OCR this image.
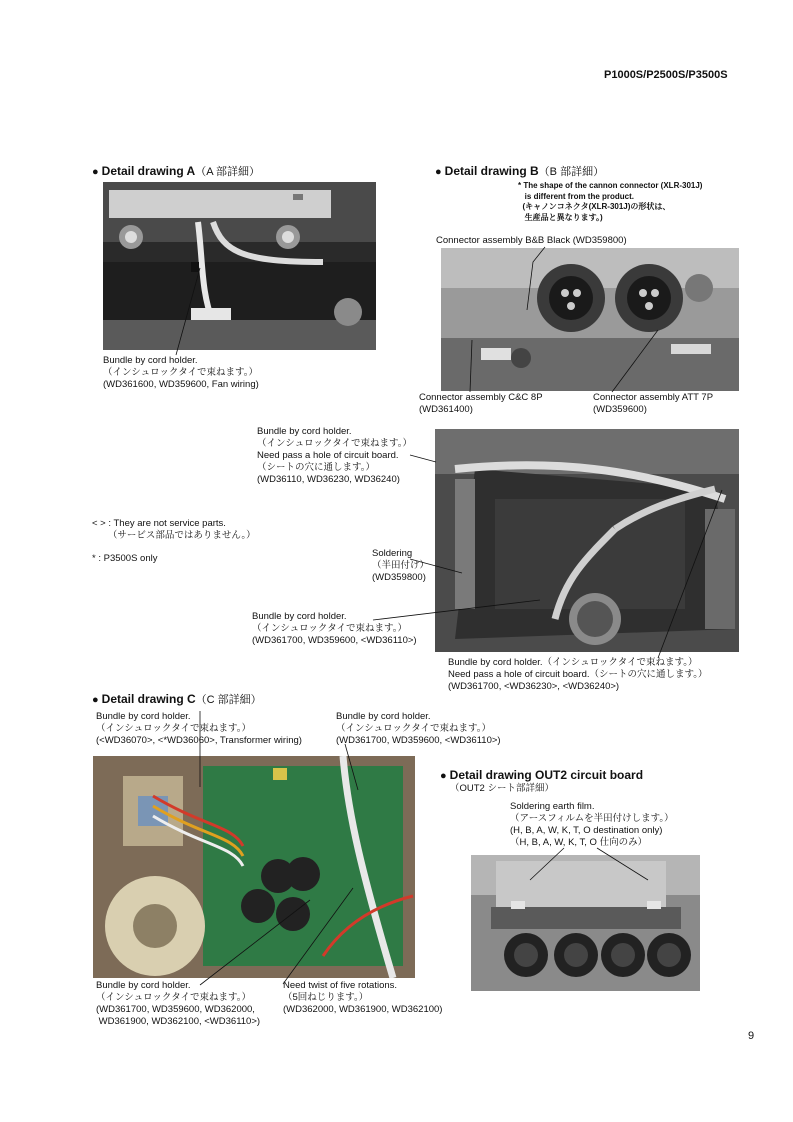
P1000S/P2500S/P3500S
● Detail drawing A（A 部詳細）
Bundle by cord holder.
（インシュロックタイで束ねます。）
(WD361600, WD359600, Fan wiring)
● Detail drawing B（B 部詳細）
* The shape of the cannon connector (XLR-301J)
is different from the product.
(キャノンコネクタ(XLR-301J)の形状は、
生産品と異なります。)
Connector assembly B&B Black (WD359800)
Connector assembly C&C 8P
(WD361400)
Connector assembly ATT 7P
(WD359600)
Bundle by cord holder.
（インシュロックタイで束ねます。）
Need pass a hole of circuit board.
（シートの穴に通します。）
(WD36110, WD36230, WD36240)
< > : They are not service parts.
（サービス部品ではありません。）
* : P3500S only	Soldering
（半田付け）
(WD359800)
Bundle by cord holder.
（インシュロックタイで束ねます。）
(WD361700, WD359600, <WD36110>)
Bundle by cord holder.（インシュロックタイで束ねます。）
Need pass a hole of circuit board.（シートの穴に通します。）
(WD361700, <WD36230>, <WD36240>)
● Detail drawing C（C 部詳細）
Bundle by cord holder.
（インシュロックタイで束ねます。）
(<WD36070>, <*WD36060>, Transformer wiring)
Bundle by cord holder.
（インシュロックタイで束ねます。）
(WD361700, WD359600, <WD36110>)
Bundle by cord holder.
（インシュロックタイで束ねます。）
(WD361700, WD359600, WD362000,
WD361900, WD362100, <WD36110>)
Need twist of five rotations.
（5回ねじります。）
(WD362000, WD361900, WD362100)
● Detail drawing OUT2 circuit board
（OUT2 シート部詳細）
Soldering earth film.
（アースフィルムを半田付けします。）
(H, B, A, W, K, T, O destination only)
（H, B, A, W, K, T, O 仕向のみ）
9
